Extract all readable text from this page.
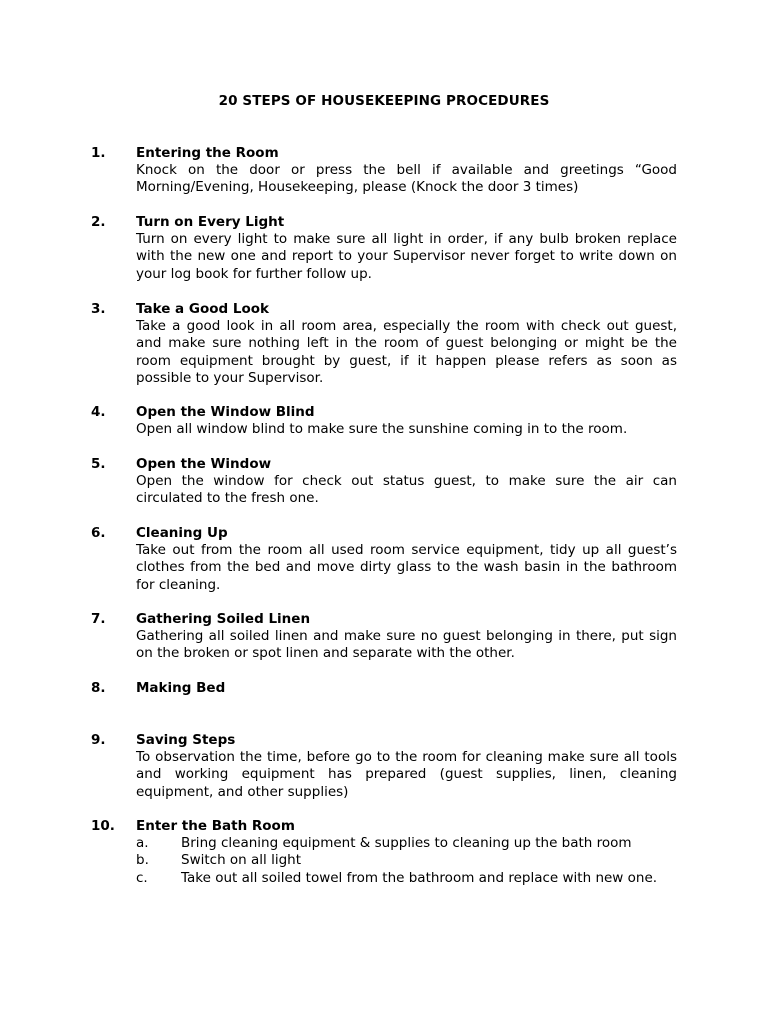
20 STEPS OF HOUSEKEEPING PROCEDURES
1. Entering the Room

Knock on the door or press the bell if available and greetings “Good Morning/Evening, Housekeeping, please (Knock the door 3 times)

2. Turn on Every Light

Turn on every light to make sure all light in order, if any bulb broken replace with the new one and report to your Supervisor never forget to write down on your log book for further follow up.

3. Take a Good Look

Take a good look in all room area, especially the room with check out guest, and make sure nothing left in the room of guest belonging or might be the room equipment brought by guest, if it happen please refers as soon as possible to your Supervisor.

4. Open the Window Blind

Open all window blind to make sure the sunshine coming in to the room.

5. Open the Window

Open the window for check out status guest, to make sure the air can circulated to the fresh one.

6. Cleaning Up

Take out from the room all used room service equipment, tidy up all guest’s clothes from the bed and move dirty glass to the wash basin in the bathroom for cleaning.

7. Gathering Soiled Linen

Gathering all soiled linen and make sure no guest belonging in there, put sign on the broken or spot linen and separate with the other.

8. Making Bed

9. Saving Steps

To observation the time, before go to the room for cleaning make sure all tools and working equipment has prepared (guest supplies, linen, cleaning equipment, and other supplies)

10. Enter the Bath Room

a. Bring cleaning equipment & supplies to cleaning up the bath room
b. Switch on all light
c. Take out all soiled towel from the bathroom and replace with new one.
